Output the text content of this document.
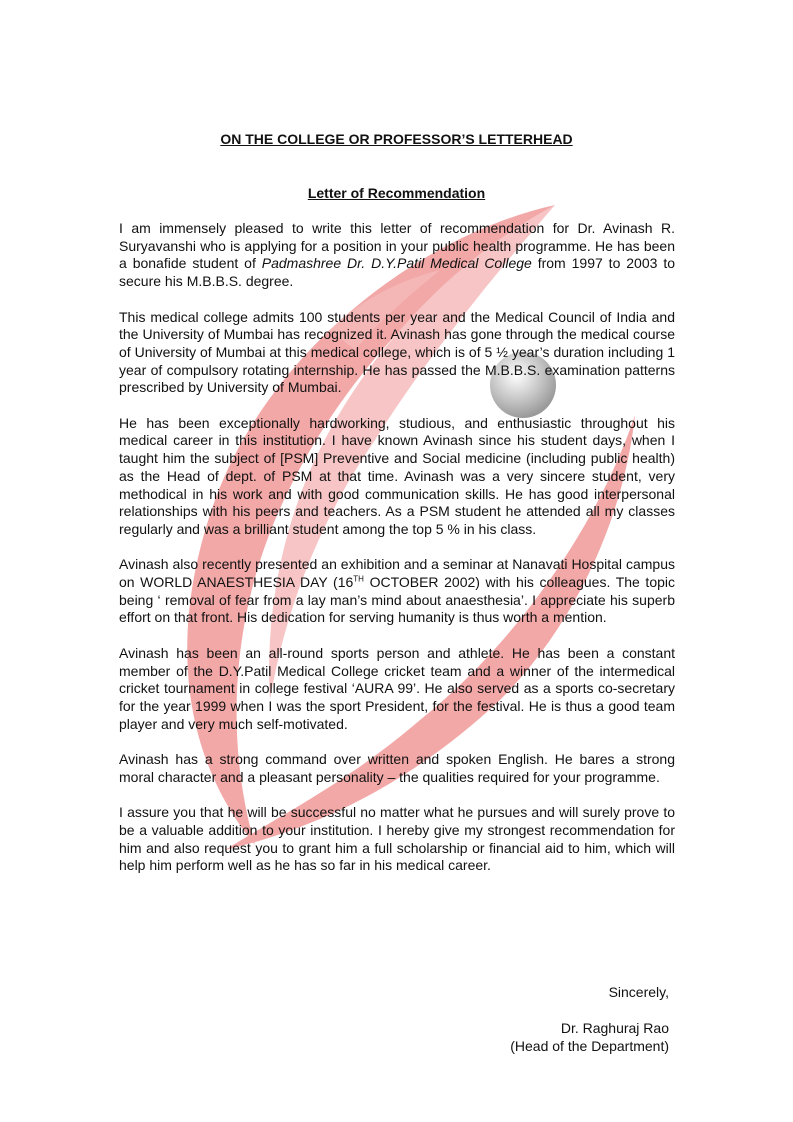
ON THE COLLEGE OR PROFESSOR’S LETTERHEAD
Letter of Recommendation

I am immensely pleased to write this letter of recommendation for Dr. Avinash R. Suryavanshi who is applying for a position in your public health programme. He has been a bonafide student of Padmashree Dr. D.Y.Patil Medical College from 1997 to 2003 to secure his M.B.B.S. degree.

This medical college admits 100 students per year and the Medical Council of India and the University of Mumbai has recognized it. Avinash has gone through the medical course of University of Mumbai at this medical college, which is of 5 ½ year’s duration including 1 year of compulsory rotating internship. He has passed the M.B.B.S. examination patterns prescribed by University of Mumbai.

He has been exceptionally hardworking, studious, and enthusiastic throughout his medical career in this institution. I have known Avinash since his student days, when I taught him the subject of [PSM] Preventive and Social medicine (including public health) as the Head of dept. of PSM at that time. Avinash was a very sincere student, very methodical in his work and with good communication skills. He has good interpersonal relationships with his peers and teachers. As a PSM student he attended all my classes regularly and was a brilliant student among the top 5 % in his class.

Avinash also recently presented an exhibition and a seminar at Nanavati Hospital campus on WORLD ANAESTHESIA DAY (16TH OCTOBER 2002) with his colleagues. The topic being ‘ removal of fear from a lay man’s mind about anaesthesia’. I appreciate his superb effort on that front. His dedication for serving humanity is thus worth a mention.

Avinash has been an all-round sports person and athlete. He has been a constant member of the D.Y.Patil Medical College cricket team and a winner of the intermedical cricket tournament in college festival ‘AURA 99’. He also served as a sports co-secretary for the year 1999 when I was the sport President, for the festival. He is thus a good team player and very much self-motivated.

Avinash has a strong command over written and spoken English. He bares a strong moral character and a pleasant personality – the qualities required for your programme.

I assure you that he will be successful no matter what he pursues and will surely prove to be a valuable addition to your institution. I hereby give my strongest recommendation for him and also request you to grant him a full scholarship or financial aid to him, which will help him perform well as he has so far in his medical career.

Sincerely,
Dr. Raghuraj Rao
(Head of the Department)
